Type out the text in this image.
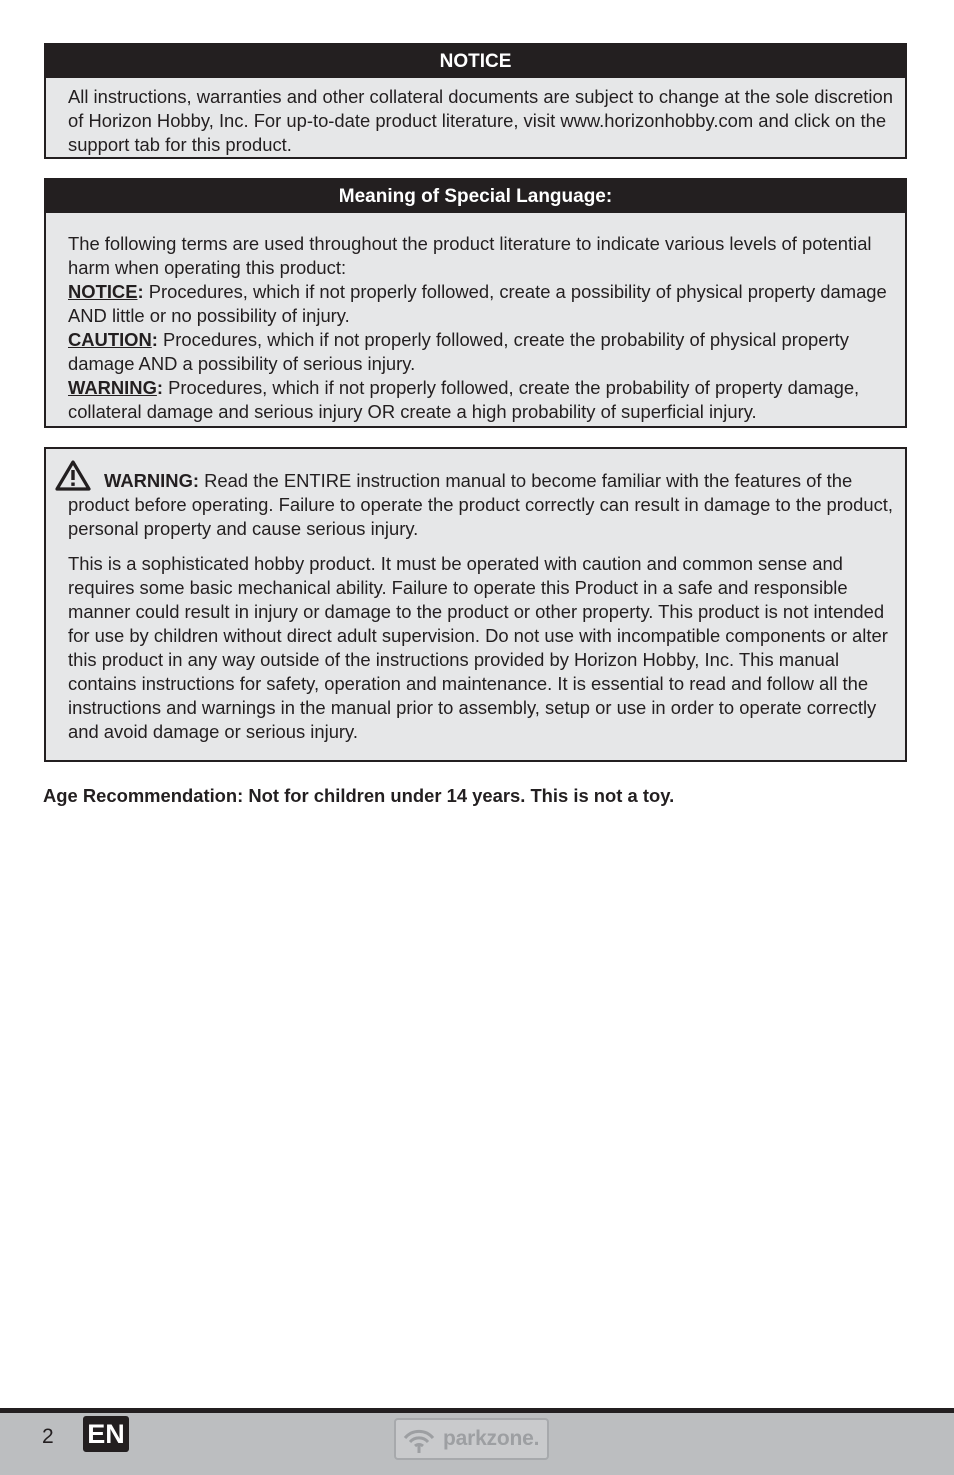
NOTICE
All instructions, warranties and other collateral documents are subject to change at the sole discretion of Horizon Hobby, Inc. For up-to-date product literature, visit www.horizonhobby.com and click on the support tab for this product.
Meaning of Special Language:
The following terms are used throughout the product literature to indicate various levels of potential harm when operating this product:
NOTICE: Procedures, which if not properly followed, create a possibility of physical property damage AND little or no possibility of injury.
CAUTION: Procedures, which if not properly followed, create the probability of physical property damage AND a possibility of serious injury.
WARNING: Procedures, which if not properly followed, create the probability of property damage, collateral damage and serious injury OR create a high probability of superficial injury.
WARNING: Read the ENTIRE instruction manual to become familiar with the features of the product before operating. Failure to operate the product correctly can result in damage to the product, personal property and cause serious injury.
This is a sophisticated hobby product. It must be operated with caution and common sense and requires some basic mechanical ability. Failure to operate this Product in a safe and responsible manner could result in injury or damage to the product or other property. This product is not intended for use by children without direct adult supervision. Do not use with incompatible components or alter this product in any way outside of the instructions provided by Horizon Hobby, Inc. This manual contains instructions for safety, operation and maintenance. It is essential to read and follow all the instructions and warnings in the manual prior to assembly, setup or use in order to operate correctly and avoid damage or serious injury.
Age Recommendation: Not for children under 14 years. This is not a toy.
2 EN	parkzone.
